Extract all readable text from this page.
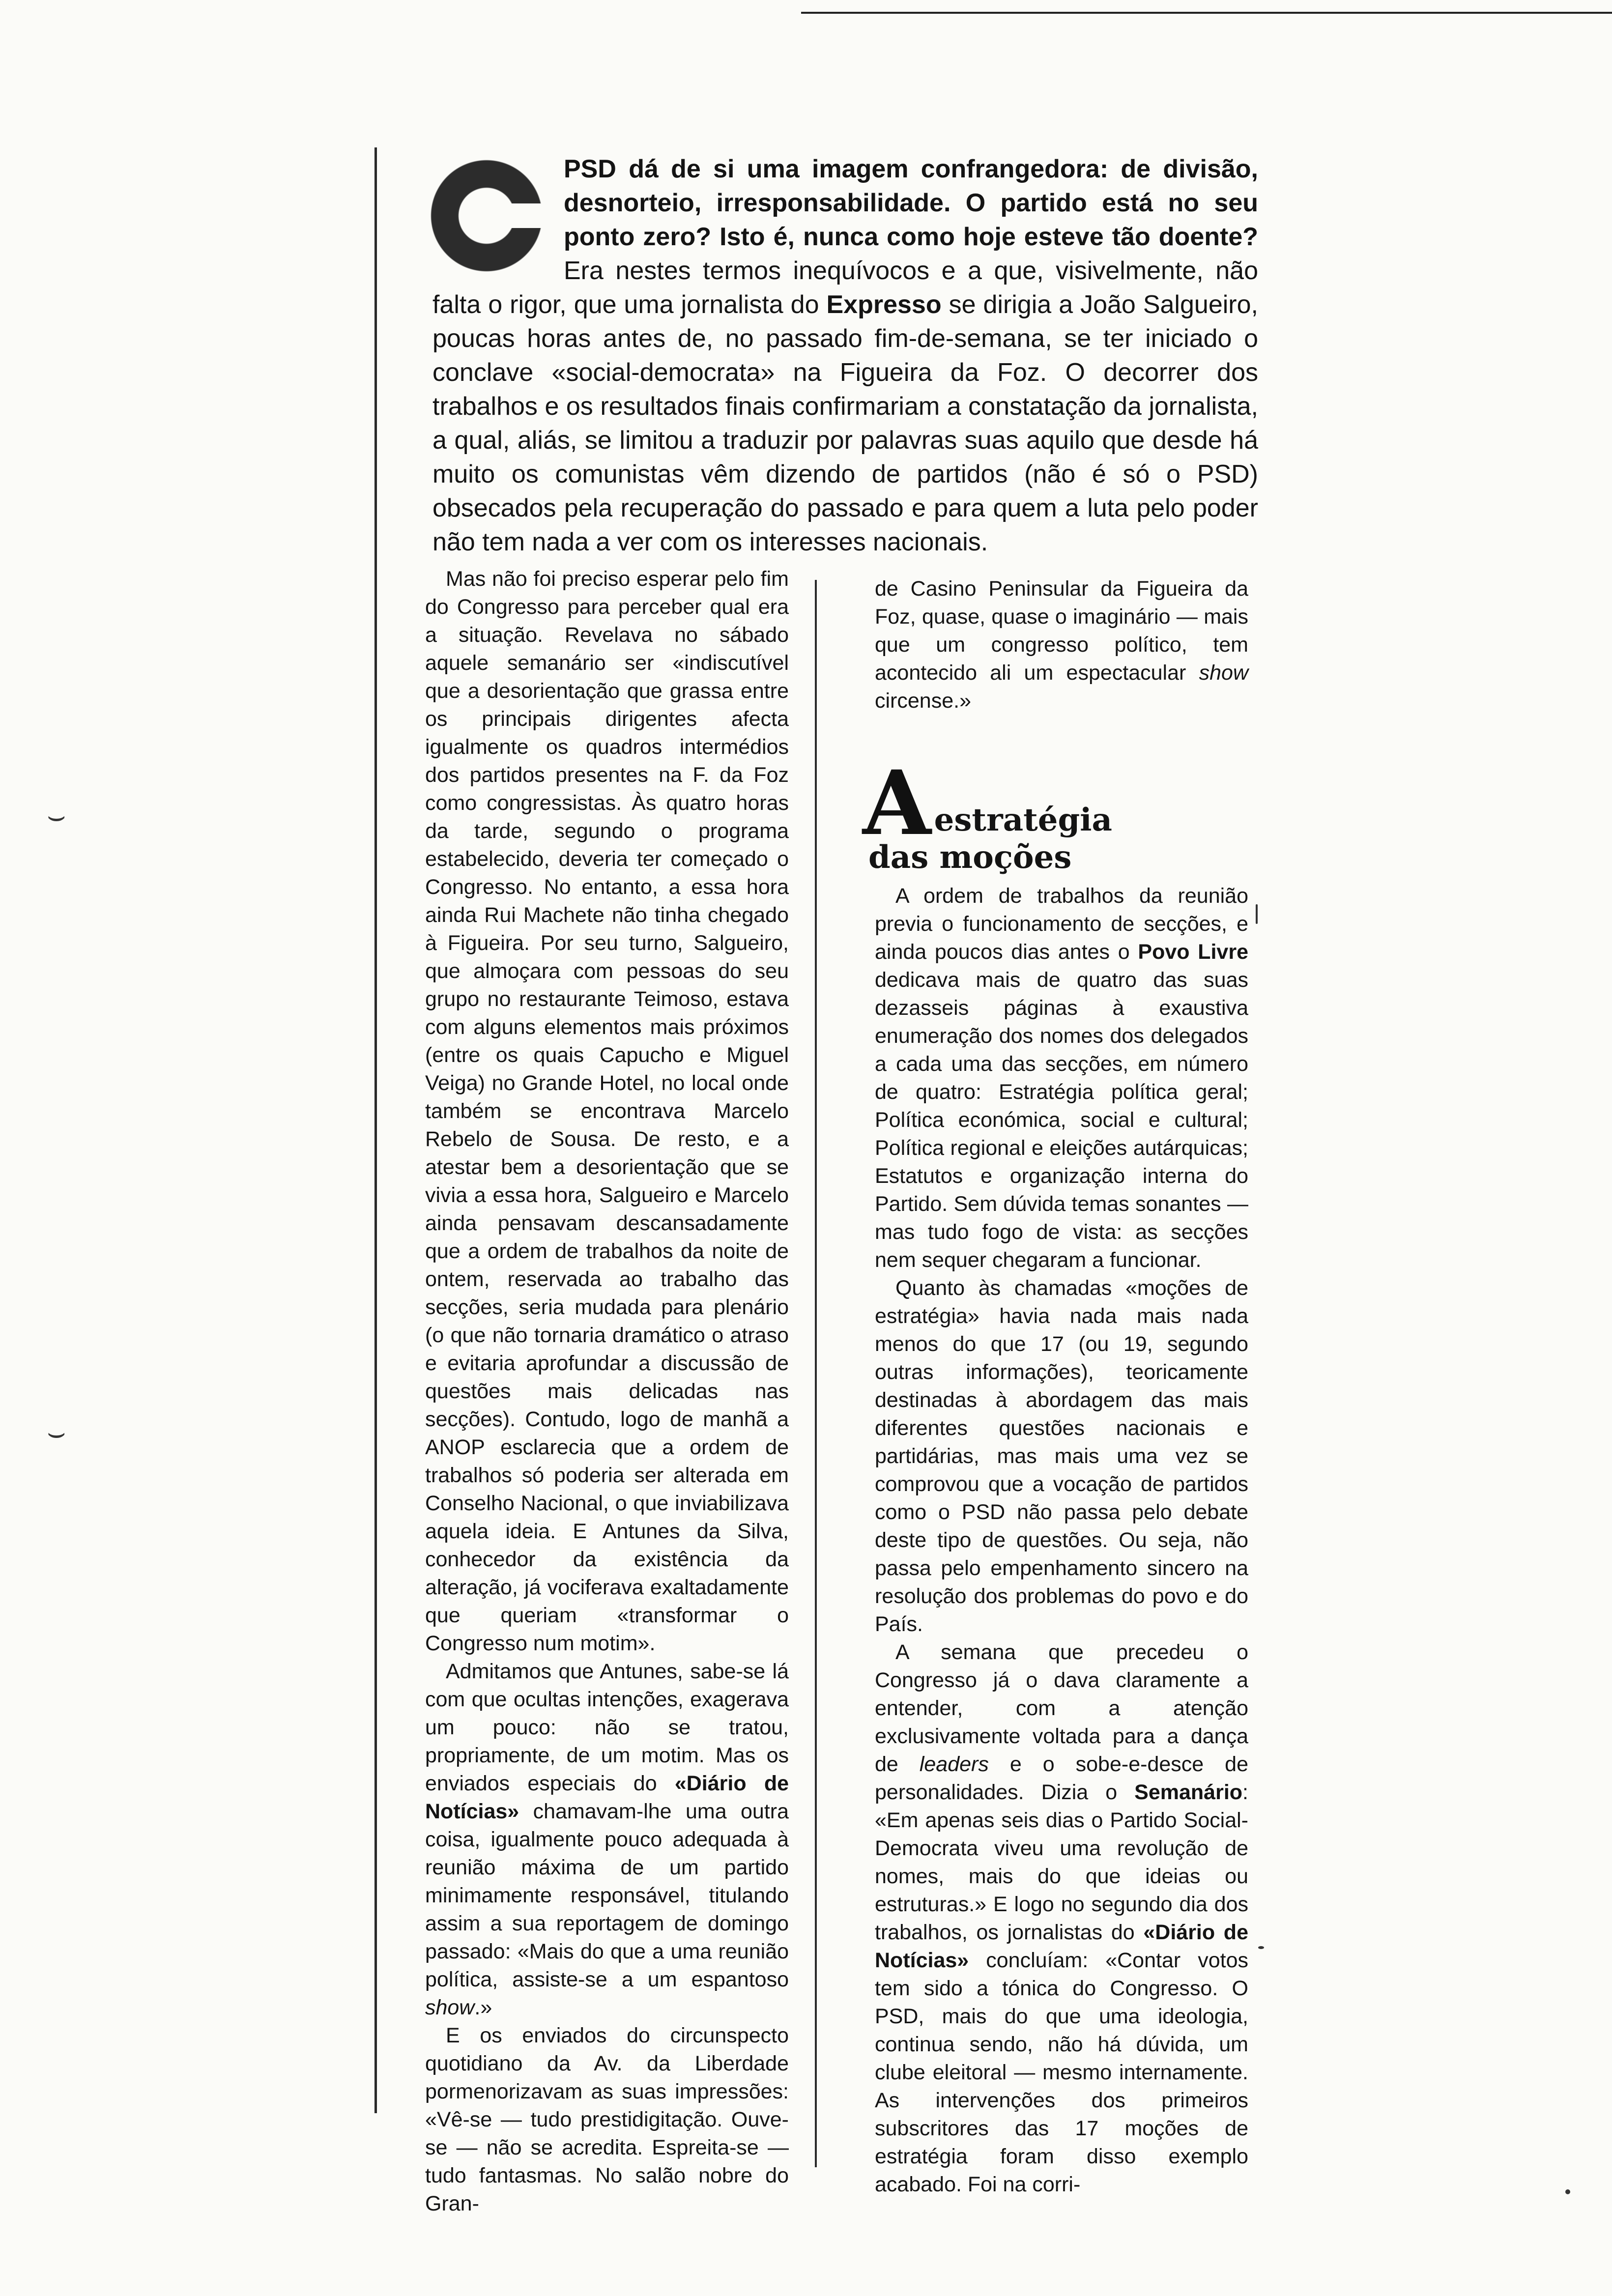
⌣
⌣

PSD dá de si uma imagem confrangedora: de divisão, desnorteio, irresponsabilidade. O partido está no seu ponto zero? Isto é, nunca como hoje esteve tão doente? Era nestes termos inequívocos e a que, visivelmente, não falta o rigor, que uma jornalista do Expresso se dirigia a João Salgueiro, poucas horas antes de, no passado fim-de-semana, se ter iniciado o conclave «social-democrata» na Figueira da Foz. O decorrer dos trabalhos e os resultados finais confirmariam a constatação da jornalista, a qual, aliás, se limitou a traduzir por palavras suas aquilo que desde há muito os comunistas vêm dizendo de partidos (não é só o PSD) obsecados pela recuperação do passado e para quem a luta pelo poder não tem nada a ver com os interesses nacionais.

Mas não foi preciso esperar pelo fim do Congresso para perceber qual era a situação. Revelava no sábado aquele semanário ser «indiscutível que a desorientação que grassa entre os principais dirigentes afecta igualmente os quadros intermédios dos partidos presentes na F. da Foz como congressistas. Às quatro horas da tarde, segundo o programa estabelecido, deveria ter começado o Congresso. No entanto, a essa hora ainda Rui Machete não tinha chegado à Figueira. Por seu turno, Salgueiro, que almoçara com pessoas do seu grupo no restaurante Teimoso, estava com alguns elementos mais próximos (entre os quais Capucho e Miguel Veiga) no Grande Hotel, no local onde também se encontrava Marcelo Rebelo de Sousa. De resto, e a atestar bem a desorientação que se vivia a essa hora, Salgueiro e Marcelo ainda pensavam descansadamente que a ordem de trabalhos da noite de ontem, reservada ao trabalho das secções, seria mudada para plenário (o que não tornaria dramático o atraso e evitaria aprofundar a discussão de questões mais delicadas nas secções). Contudo, logo de manhã a ANOP esclarecia que a ordem de trabalhos só poderia ser alterada em Conselho Nacional, o que inviabilizava aquela ideia. E Antunes da Silva, conhecedor da existência da alteração, já vociferava exaltadamente que queriam «transformar o Congresso num motim».

Admitamos que Antunes, sabe-se lá com que ocultas intenções, exagerava um pouco: não se tratou, propriamente, de um motim. Mas os enviados especiais do «Diário de Notícias» chamavam-lhe uma outra coisa, igualmente pouco adequada à reunião máxima de um partido minimamente responsável, titulando assim a sua reportagem de domingo passado: «Mais do que a uma reunião política, assiste-se a um espantoso show.»

E os enviados do circunspecto quotidiano da Av. da Liberdade pormenorizavam as suas impressões: «Vê-se — tudo prestidigitação. Ouve-se — não se acredita. Espreita-se — tudo fantasmas. No salão nobre do Gran-

de Casino Peninsular da Figueira da Foz, quase, quase o imaginário — mais que um congresso político, tem acontecido ali um espectacular show circense.»

A estratégia
das moções

A ordem de trabalhos da reunião previa o funcionamento de secções, e ainda poucos dias antes o Povo Livre dedicava mais de quatro das suas dezasseis páginas à exaustiva enumeração dos nomes dos delegados a cada uma das secções, em número de quatro: Estratégia política geral; Política económica, social e cultural; Política regional e eleições autárquicas; Estatutos e organização interna do Partido. Sem dúvida temas sonantes — mas tudo fogo de vista: as secções nem sequer chegaram a funcionar.

Quanto às chamadas «moções de estratégia» havia nada mais nada menos do que 17 (ou 19, segundo outras informações), teoricamente destinadas à abordagem das mais diferentes questões nacionais e partidárias, mas mais uma vez se comprovou que a vocação de partidos como o PSD não passa pelo debate deste tipo de questões. Ou seja, não passa pelo empenhamento sincero na resolução dos problemas do povo e do País.

A semana que precedeu o Congresso já o dava claramente a entender, com a atenção exclusivamente voltada para a dança de leaders e o sobe-e-desce de personalidades. Dizia o Semanário: «Em apenas seis dias o Partido Social-Democrata viveu uma revolução de nomes, mais do que ideias ou estruturas.» E logo no segundo dia dos trabalhos, os jornalistas do «Diário de Notícias» concluíam: «Contar votos tem sido a tónica do Congresso. O PSD, mais do que uma ideologia, continua sendo, não há dúvida, um clube eleitoral — mesmo internamente. As intervenções dos primeiros subscritores das 17 moções de estratégia foram disso exemplo acabado. Foi na corri-
